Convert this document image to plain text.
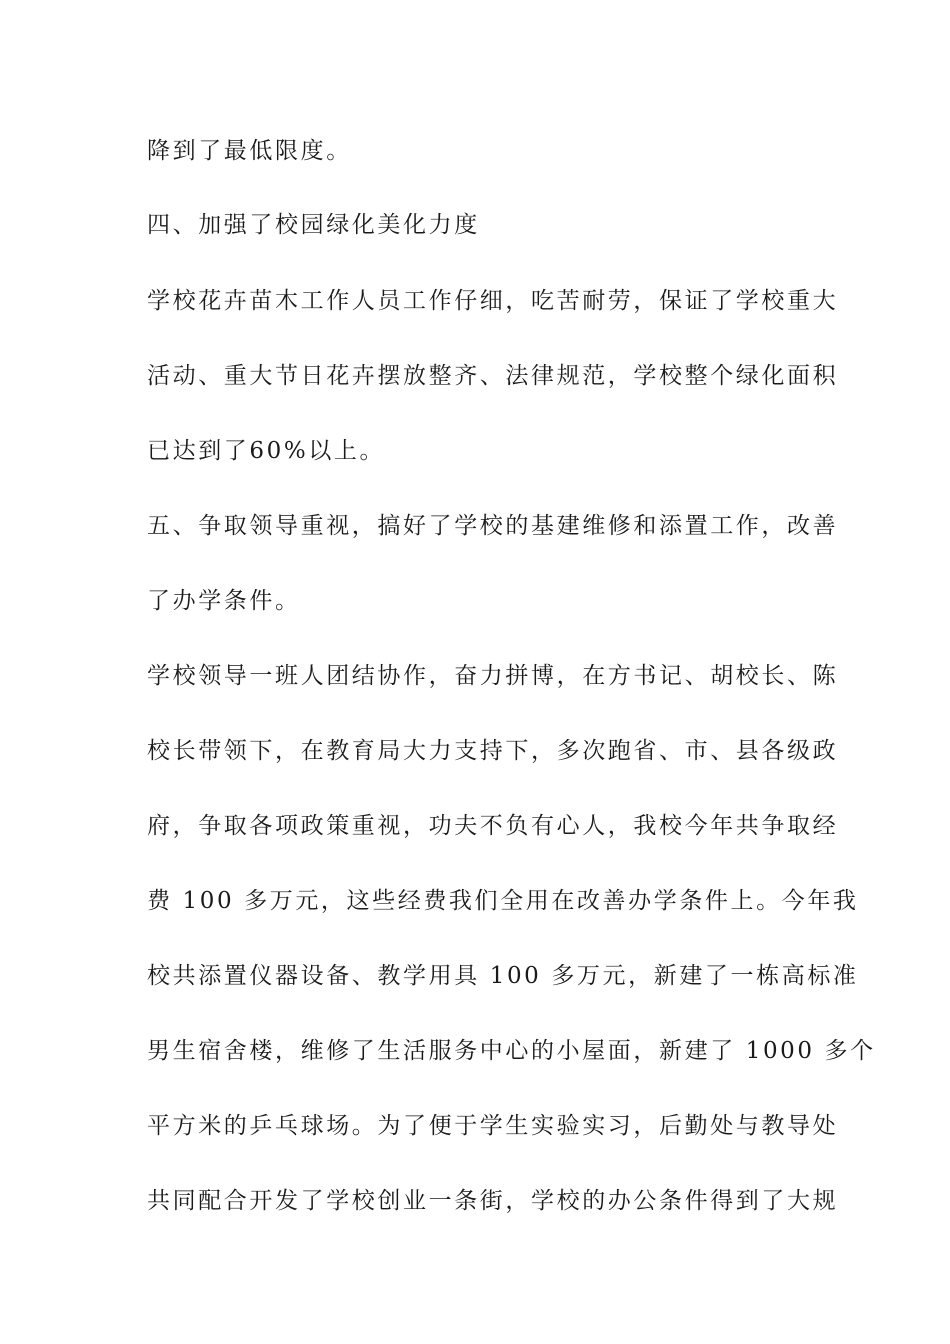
降到了最低限度。
四、加强了校园绿化美化力度
学校花卉苗木工作人员工作仔细，吃苦耐劳，保证了学校重大
活动、重大节日花卉摆放整齐、法律规范，学校整个绿化面积
已达到了60%以上。
五、争取领导重视，搞好了学校的基建维修和添置工作，改善
了办学条件。
学校领导一班人团结协作，奋力拼博，在方书记、胡校长、陈
校长带领下，在教育局大力支持下，多次跑省、市、县各级政
府，争取各项政策重视，功夫不负有心人，我校今年共争取经
费 100 多万元，这些经费我们全用在改善办学条件上。今年我
校共添置仪器设备、教学用具 100 多万元，新建了一栋高标准
男生宿舍楼，维修了生活服务中心的小屋面，新建了 1000 多个
平方米的乒乓球场。为了便于学生实验实习，后勤处与教导处
共同配合开发了学校创业一条街，学校的办公条件得到了大规
